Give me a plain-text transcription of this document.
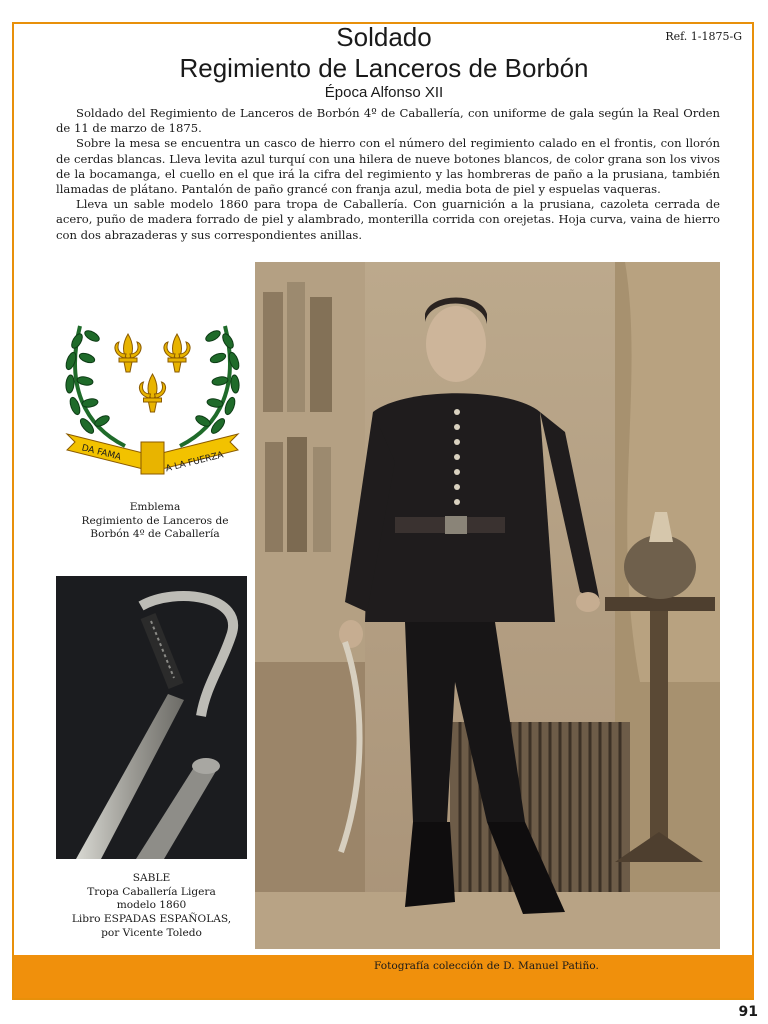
Ref. 1-1875-G
Soldado
Regimiento de Lanceros de Borbón
Época Alfonso XII

Soldado del Regimiento de Lanceros de Borbón 4º de Caballería, con uniforme de gala según la Real Orden de 11 de marzo de 1875.

Sobre la mesa se encuentra un casco de hierro con el número del regimiento calado en el frontis, con llorón de cerdas blancas. Lleva levita azul turquí con una hilera de nueve botones blancos, de color grana son los vivos de la bocamanga, el cuello en el que irá la cifra del regimiento y las hombreras de paño a la prusiana, también llamadas de plátano. Pantalón de paño grancé con franja azul, media bota de piel y espuelas vaqueras.

Lleva un sable modelo 1860 para tropa de Caballería. Con guarnición a la prusiana, cazoleta cerrada de acero, puño de madera forrado de piel y alambrado, monterilla corrida con orejetas. Hoja curva, vaina de hierro con dos abrazaderas y sus correspondientes anillas.

DA FAMA	A LA FUERZA
Emblema
Regimiento de Lanceros de
Borbón 4º de Caballería
SABLE
Tropa Caballería Ligera
modelo 1860
Libro ESPADAS ESPAÑOLAS,
por Vicente Toledo
Fotografía colección de D. Manuel Patiño.
91
